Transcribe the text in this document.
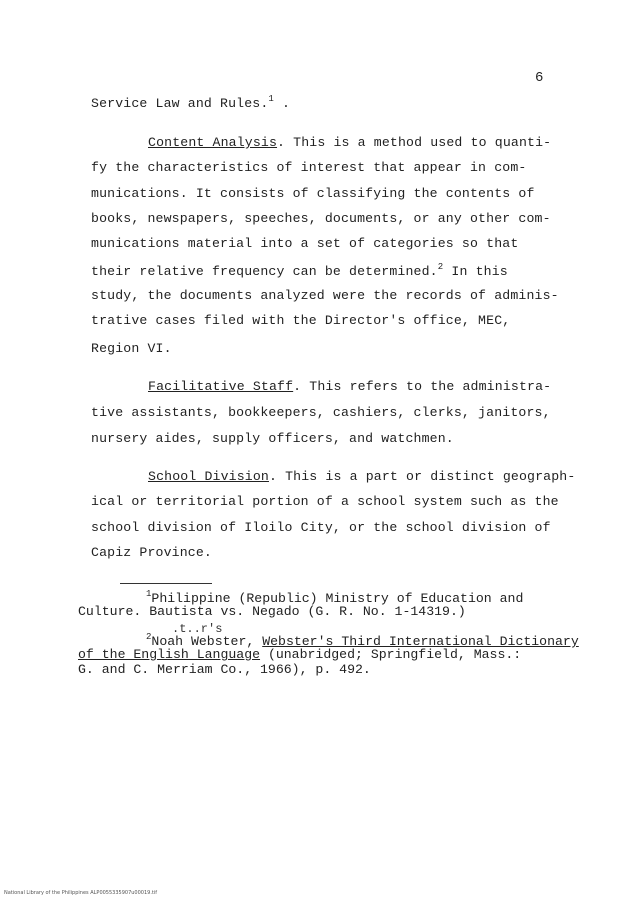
6
Service Law and Rules.$^1$ .
Content Analysis. This is a method used to quanti-
fy the characteristics of interest that appear in com-
munications. It consists of classifying the contents of
books, newspapers, speeches, documents, or any other com-
munications material into a set of categories so that
their relative frequency can be determined.$^2$ In this
study, the documents analyzed were the records of adminis-
trative cases filed with the Director's office, MEC,
Region VI.
Facilitative Staff. This refers to the administra-
tive assistants, bookkeepers, cashiers, clerks, janitors,
nursery aides, supply officers, and watchmen.
School Division. This is a part or distinct geograph-
ical or territorial portion of a school system such as the
school division of Iloilo City, or the school division of
Capiz Province.
$^1$Philippine (Republic) Ministry of Education and
Culture. Bautista vs. Negado (G. R. No. 1-14319.)
.t..r's
$^2$Noah Webster, Webster's Third International Dictionary
of the English Language (unabridged; Springfield, Mass.:
G. and C. Merriam Co., 1966), p. 492.
National Library of the Philippines ALP0055335907u00019.tif
